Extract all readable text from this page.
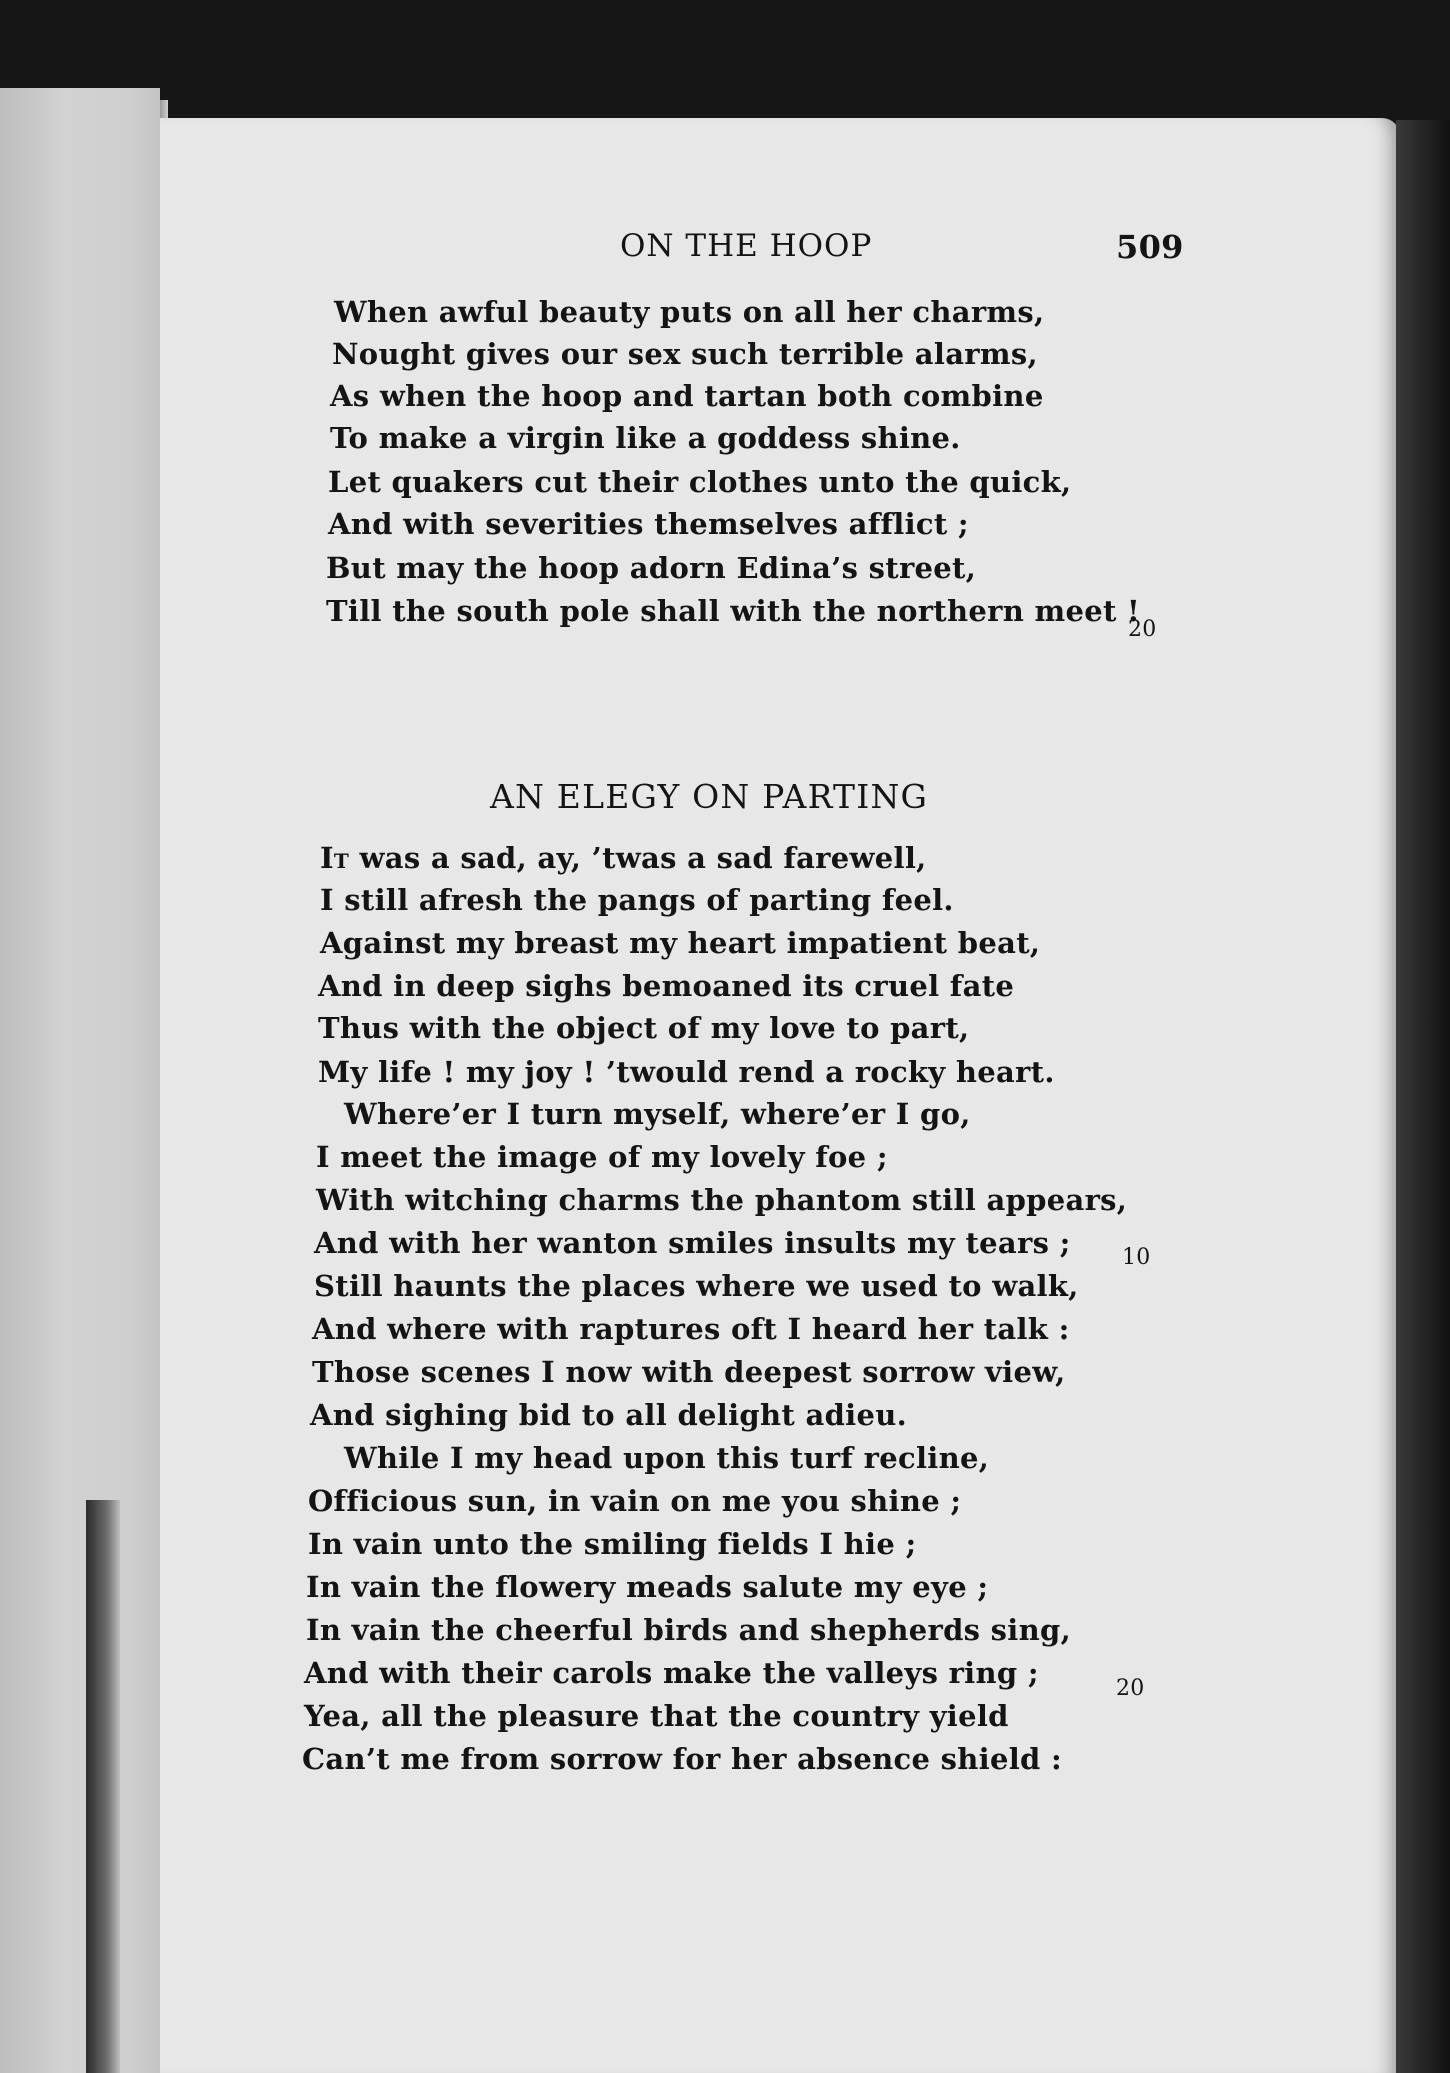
ON THE HOOP	509
When awful beauty puts on all her charms,
Nought gives our sex such terrible alarms,
As when the hoop and tartan both combine
To make a virgin like a goddess shine.
Let quakers cut their clothes unto the quick,
And with severities themselves afflict ;
But may the hoop adorn Edina’s street,
Till the south pole shall with the northern meet !
20
AN ELEGY ON PARTING
It was a sad, ay, ’twas a sad farewell,
I still afresh the pangs of parting feel.
Against my breast my heart impatient beat,
And in deep sighs bemoaned its cruel fate
Thus with the object of my love to part,
My life ! my joy ! ’twould rend a rocky heart.
Where’er I turn myself, where’er I go,
I meet the image of my lovely foe ;
With witching charms the phantom still appears,
And with her wanton smiles insults my tears ; 10
Still haunts the places where we used to walk,
And where with raptures oft I heard her talk :
Those scenes I now with deepest sorrow view,
And sighing bid to all delight adieu.
While I my head upon this turf recline,
Officious sun, in vain on me you shine ;
In vain unto the smiling fields I hie ;
In vain the flowery meads salute my eye ;
In vain the cheerful birds and shepherds sing,
And with their carols make the valleys ring ;	20
Yea, all the pleasure that the country yield
Can’t me from sorrow for her absence shield :
